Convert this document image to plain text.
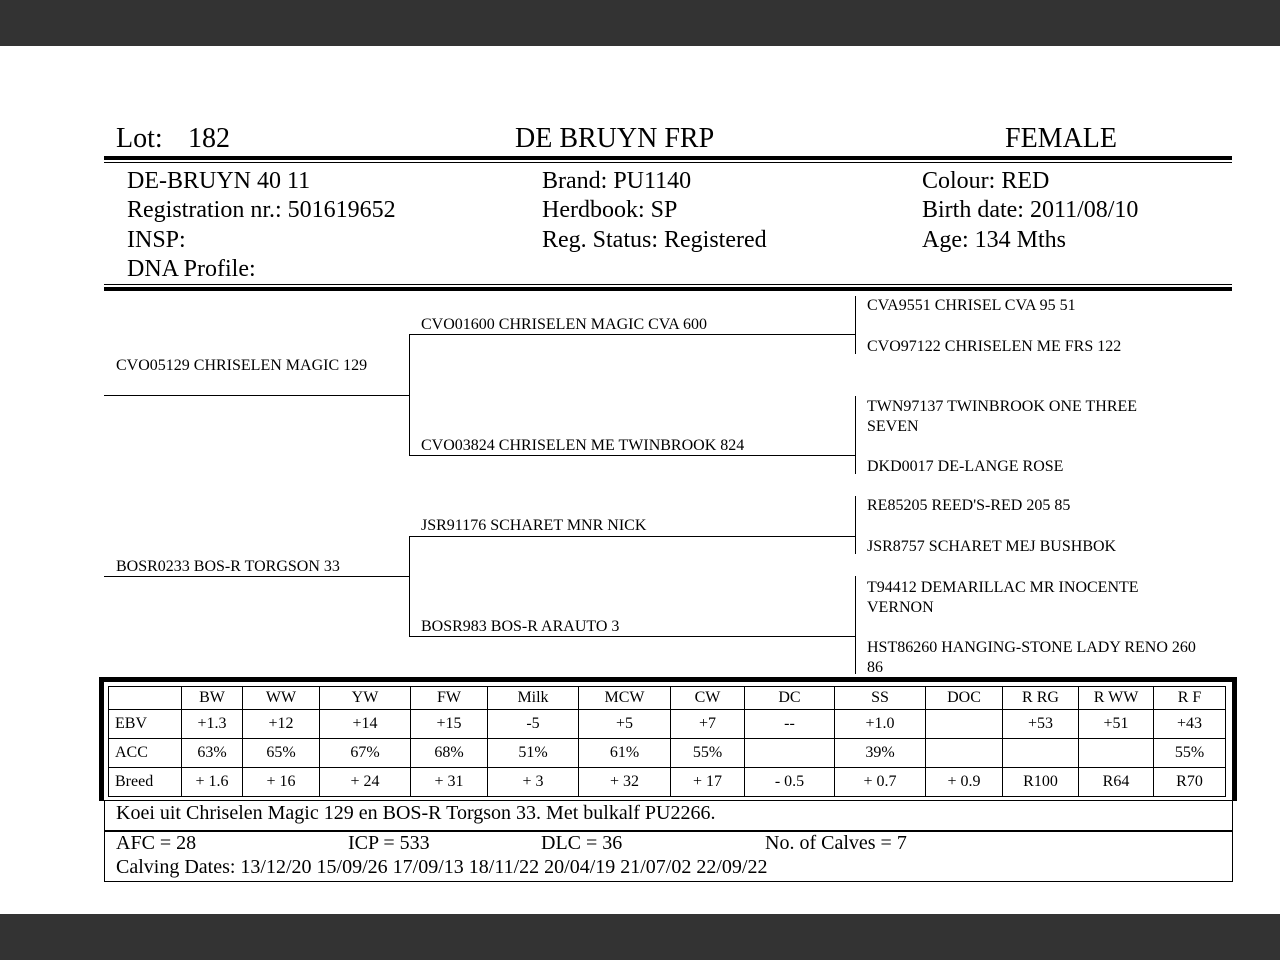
Lot: 182	DE BRUYN FRP	FEMALE
DE-BRUYN 40 11
Registration nr.: 501619652
INSP:
DNA Profile:
Brand: PU1140
Herdbook: SP
Reg. Status: Registered
Colour: RED
Birth date: 2011/08/10
Age: 134 Mths
CVO05129 CHRISELEN MAGIC 129
BOSR0233 BOS-R TORGSON 33
CVO01600 CHRISELEN MAGIC CVA 600
CVO03824 CHRISELEN ME TWINBROOK 824
JSR91176 SCHARET MNR NICK
BOSR983 BOS-R ARAUTO 3
CVA9551 CHRISEL CVA 95 51
CVO97122 CHRISELEN ME FRS 122
TWN97137 TWINBROOK ONE THREE SEVEN
DKD0017 DE-LANGE ROSE
RE85205 REED'S-RED 205 85
JSR8757 SCHARET MEJ BUSHBOK
T94412 DEMARILLAC MR INOCENTE VERNON
HST86260 HANGING-STONE LADY RENO 260 86
	BW	WW	YW	FW	Milk	MCW	CW	DC	SS	DOC	R RG	R WW	R F
EBV	+1.3	+12	+14	+15	-5	+5	+7	--	+1.0		+53	+51	+43
ACC	63%	65%	67%	68%	51%	61%	55%		39%				55%
Breed	+ 1.6	+ 16	+ 24	+ 31	+ 3	+ 32	+ 17	- 0.5	+ 0.7	+ 0.9	R100	R64	R70
Koei uit Chriselen Magic 129 en BOS-R Torgson 33. Met bulkalf PU2266.
AFC = 28	ICP = 533	DLC = 36	No. of Calves = 7
Calving Dates: 13/12/20 15/09/26 17/09/13 18/11/22 20/04/19 21/07/02 22/09/22
